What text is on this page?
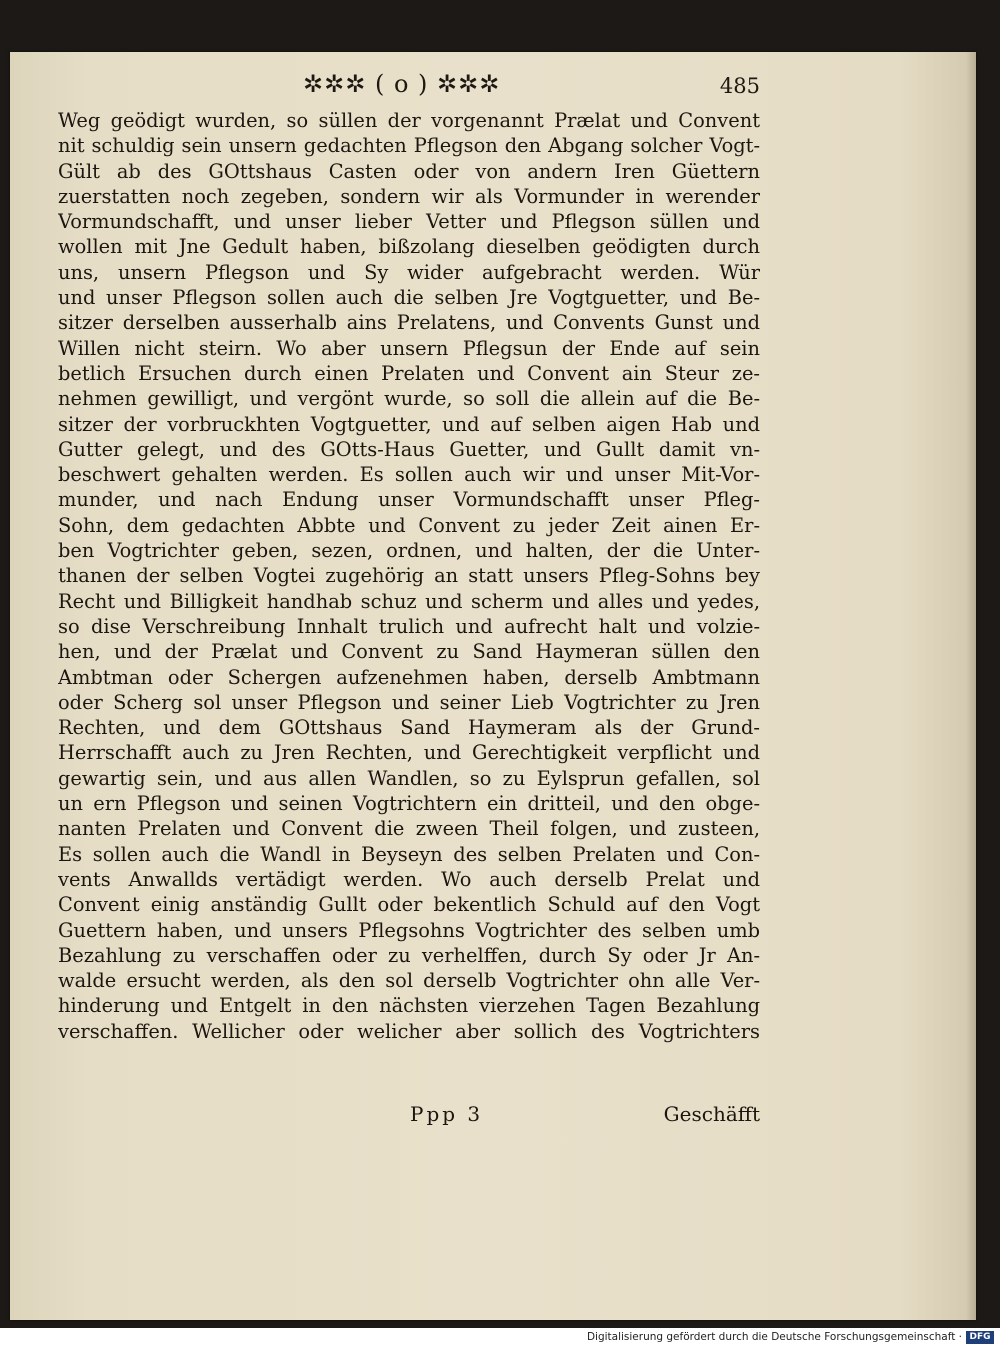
✲✲✲ ( o ) ✲✲✲	485
Weg geödigt wurden, so süllen der vorgenannt Prælat und Convent
nit schuldig sein unsern gedachten Pflegson den Abgang solcher Vogt-
Gült ab des GOttshaus Casten oder von andern Iren Güettern
zuerstatten noch zegeben, sondern wir als Vormunder in werender
Vormundschafft, und unser lieber Vetter und Pflegson süllen und
wollen mit Jne Gedult haben, bißzolang dieselben geödigten durch
uns, unsern Pflegson und Sy wider aufgebracht werden. Wür
und unser Pflegson sollen auch die selben Jre Vogtguetter, und Be-
sitzer derselben ausserhalb ains Prelatens, und Convents Gunst und
Willen nicht steirn. Wo aber unsern Pflegsun der Ende auf sein
betlich Ersuchen durch einen Prelaten und Convent ain Steur ze-
nehmen gewilligt, und vergönt wurde, so soll die allein auf die Be-
sitzer der vorbruckhten Vogtguetter, und auf selben aigen Hab und
Gutter gelegt, und des GOtts-Haus Guetter, und Gullt damit vn-
beschwert gehalten werden. Es sollen auch wir und unser Mit-Vor-
munder, und nach Endung unser Vormundschafft unser Pfleg-
Sohn, dem gedachten Abbte und Convent zu jeder Zeit ainen Er-
ben Vogtrichter geben, sezen, ordnen, und halten, der die Unter-
thanen der selben Vogtei zugehörig an statt unsers Pfleg-Sohns bey
Recht und Billigkeit handhab schuz und scherm und alles und yedes,
so dise Verschreibung Innhalt trulich und aufrecht halt und volzie-
hen, und der Prælat und Convent zu Sand Haymeran süllen den
Ambtman oder Schergen aufzenehmen haben, derselb Ambtmann
oder Scherg sol unser Pflegson und seiner Lieb Vogtrichter zu Jren
Rechten, und dem GOttshaus Sand Haymeram als der Grund-
Herrschafft auch zu Jren Rechten, und Gerechtigkeit verpflicht und
gewartig sein, und aus allen Wandlen, so zu Eylsprun gefallen, sol
un ern Pflegson und seinen Vogtrichtern ein dritteil, und den obge-
nanten Prelaten und Convent die zween Theil folgen, und zusteen,
Es sollen auch die Wandl in Beyseyn des selben Prelaten und Con-
vents Anwallds vertädigt werden. Wo auch derselb Prelat und
Convent einig anständig Gullt oder bekentlich Schuld auf den Vogt
Guettern haben, und unsers Pflegsohns Vogtrichter des selben umb
Bezahlung zu verschaffen oder zu verhelffen, durch Sy oder Jr An-
walde ersucht werden, als den sol derselb Vogtrichter ohn alle Ver-
hinderung und Entgelt in den nächsten vierzehen Tagen Bezahlung
verschaffen. Wellicher oder welicher aber sollich des Vogtrichters
Ppp 3	Geschäfft
Digitalisierung gefördert durch die Deutsche Forschungsgemeinschaft · DFG
